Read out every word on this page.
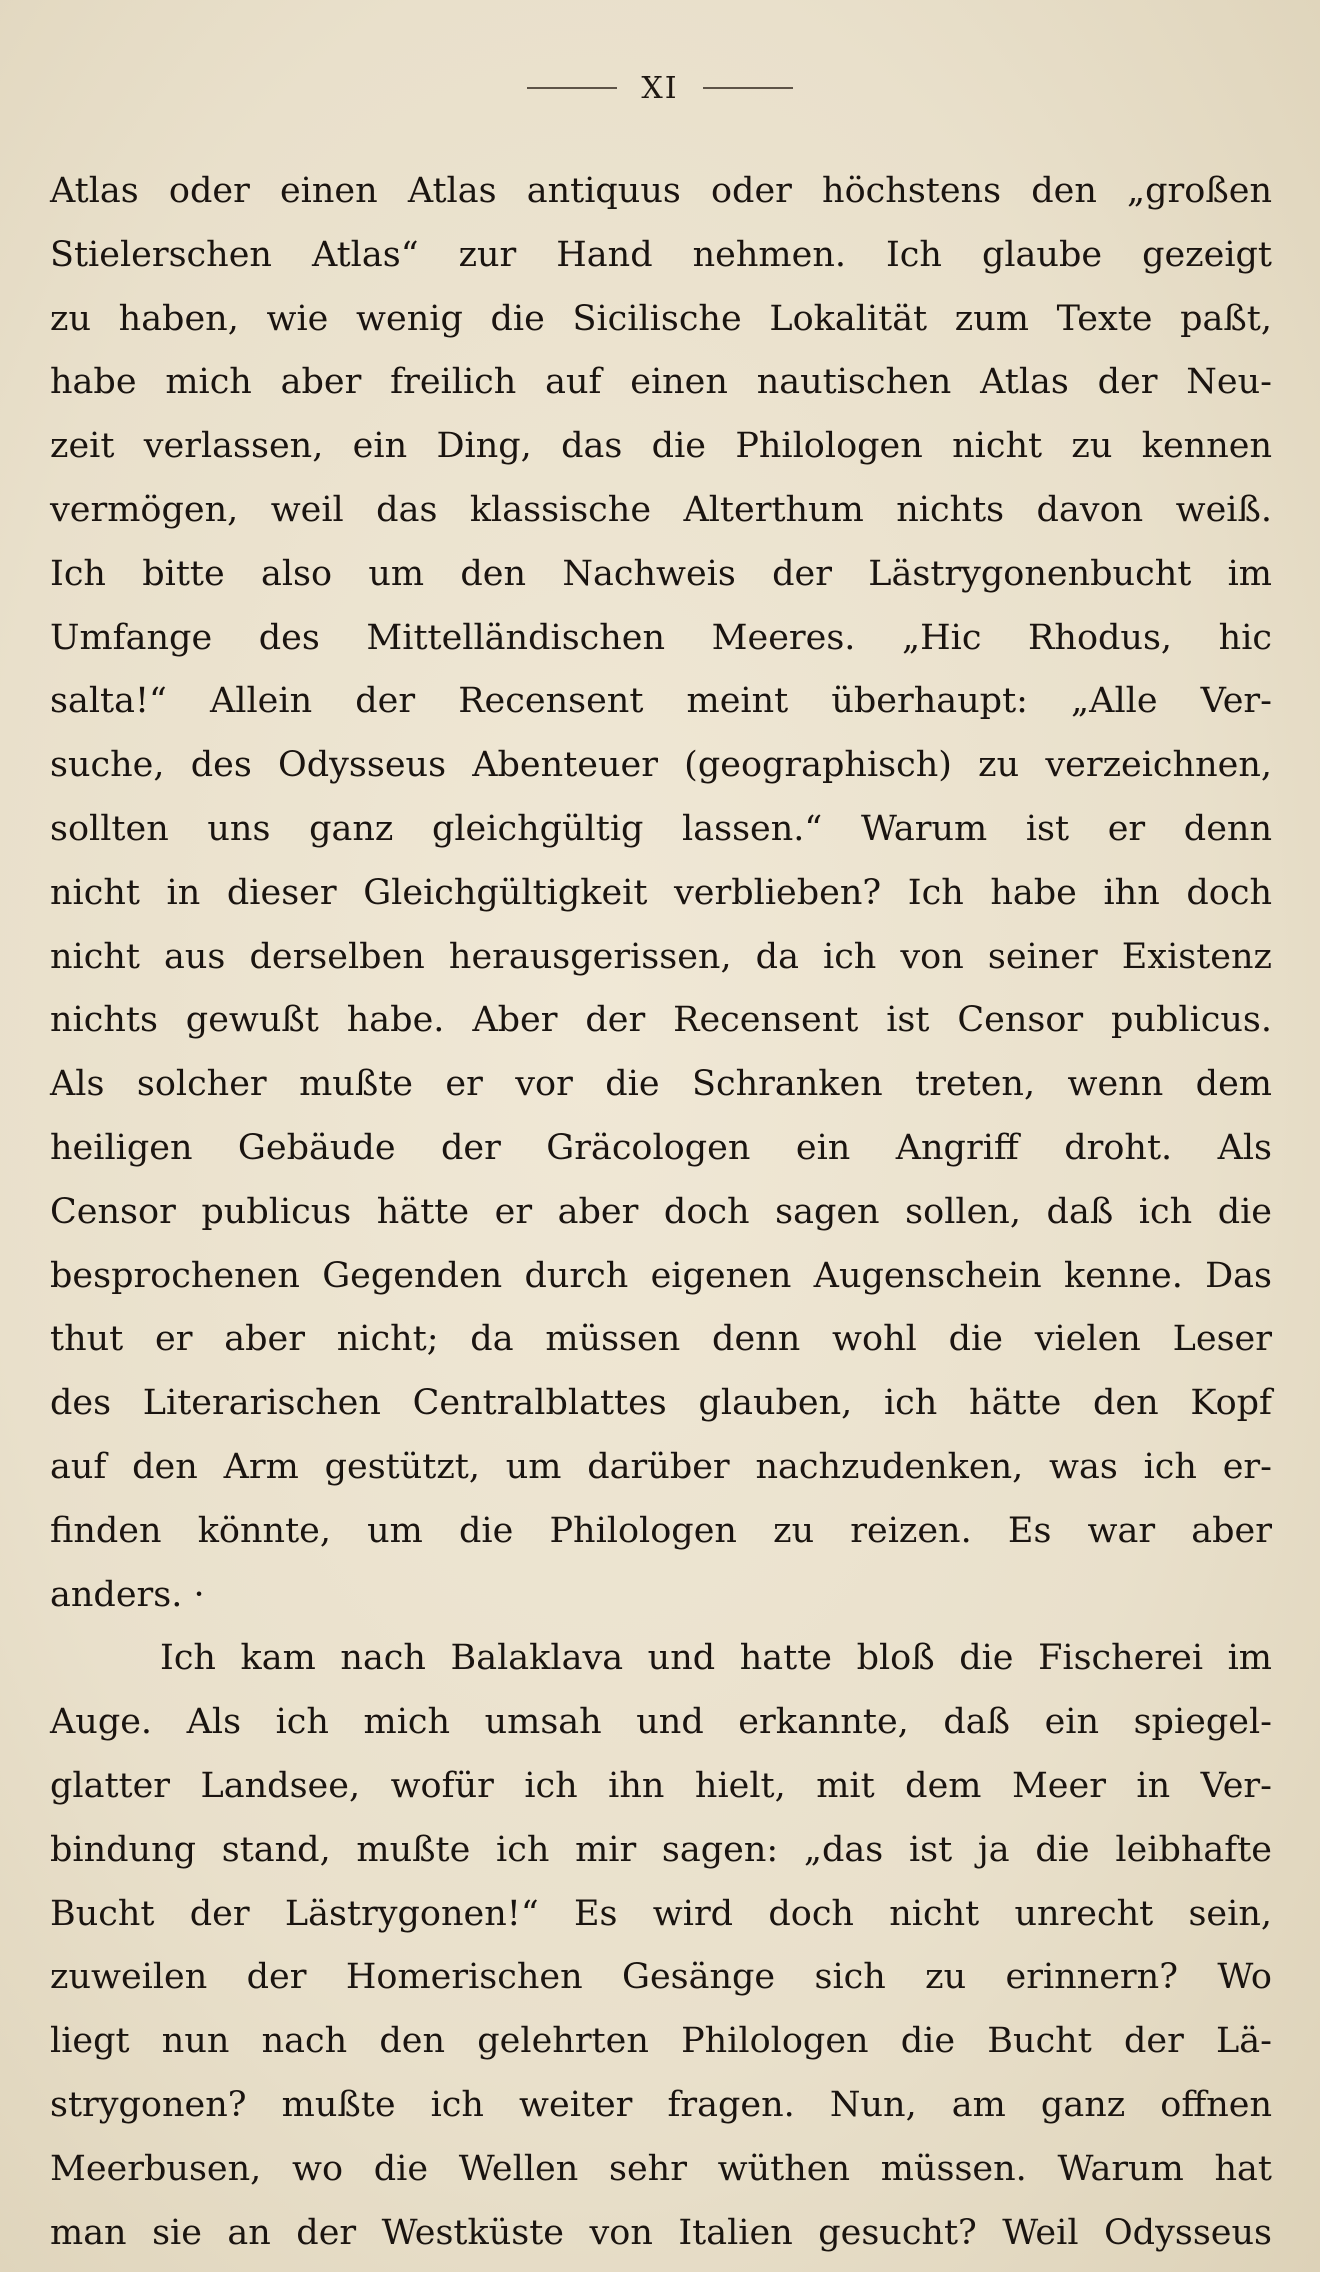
XI
Atlas oder einen Atlas antiquus oder höchstens den „großen
Stielerschen Atlas“ zur Hand nehmen. Ich glaube gezeigt
zu haben, wie wenig die Sicilische Lokalität zum Texte paßt,
habe mich aber freilich auf einen nautischen Atlas der Neu-
zeit verlassen, ein Ding, das die Philologen nicht zu kennen
vermögen, weil das klassische Alterthum nichts davon weiß.
Ich bitte also um den Nachweis der Lästrygonenbucht im
Umfange des Mittelländischen Meeres. „Hic Rhodus, hic
salta!“ Allein der Recensent meint überhaupt: „Alle Ver-
suche, des Odysseus Abenteuer (geographisch) zu verzeichnen,
sollten uns ganz gleichgültig lassen.“ Warum ist er denn
nicht in dieser Gleichgültigkeit verblieben? Ich habe ihn doch
nicht aus derselben herausgerissen, da ich von seiner Existenz
nichts gewußt habe. Aber der Recensent ist Censor publicus.
Als solcher mußte er vor die Schranken treten, wenn dem
heiligen Gebäude der Gräcologen ein Angriff droht. Als
Censor publicus hätte er aber doch sagen sollen, daß ich die
besprochenen Gegenden durch eigenen Augenschein kenne. Das
thut er aber nicht; da müssen denn wohl die vielen Leser
des Literarischen Centralblattes glauben, ich hätte den Kopf
auf den Arm gestützt, um darüber nachzudenken, was ich er-
finden könnte, um die Philologen zu reizen. Es war aber
anders. ·
Ich kam nach Balaklava und hatte bloß die Fischerei im
Auge. Als ich mich umsah und erkannte, daß ein spiegel-
glatter Landsee, wofür ich ihn hielt, mit dem Meer in Ver-
bindung stand, mußte ich mir sagen: „das ist ja die leibhafte
Bucht der Lästrygonen!“ Es wird doch nicht unrecht sein,
zuweilen der Homerischen Gesänge sich zu erinnern? Wo
liegt nun nach den gelehrten Philologen die Bucht der Lä-
strygonen? mußte ich weiter fragen. Nun, am ganz offnen
Meerbusen, wo die Wellen sehr wüthen müssen. Warum hat
man sie an der Westküste von Italien gesucht? Weil Odysseus
